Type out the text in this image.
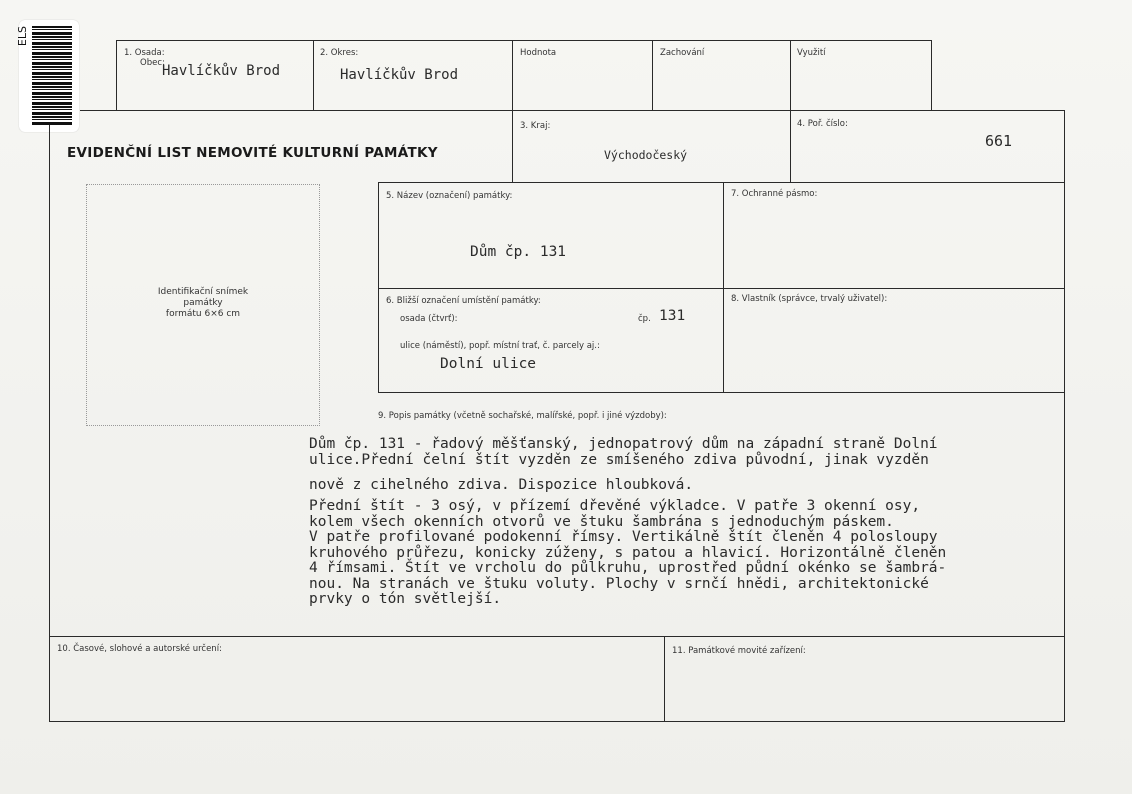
ELS
1. Osada:
Obec:
Havlíčkův Brod
2. Okres:
Havlíčkův Brod
Hodnota	Zachování	Využití
EVIDENČNÍ LIST NEMOVITÉ KULTURNÍ PAMÁTKY
3. Kraj:
Východočeský
4. Poř. číslo:
661
Identifikační snímek
památky
formátu 6×6 cm
5. Název (označení) památky:
Dům čp. 131
7. Ochranné pásmo:
6. Bližší označení umístění památky:
osada (čtvrť):	čp. 131
ulice (náměstí), popř. místní trať, č. parcely aj.:
Dolní ulice
8. Vlastník (správce, trvalý uživatel):
9. Popis památky (včetně sochařské, malířské, popř. i jiné výzdoby):
Dům čp. 131 - řadový měšťanský, jednopatrový dům na západní straně Dolní
ulice.Přední čelní štít vyzděn ze smíšeného zdiva původní, jinak vyzděn
nově z cihelného zdiva. Dispozice hloubková.
Přední štít - 3 osý, v přízemí dřevěné výkladce. V patře 3 okenní osy,
kolem všech okenních otvorů ve štuku šambrána s jednoduchým páskem.
V patře profilované podokenní římsy. Vertikálně štít členěn 4 polosloupy
kruhového průřezu, konicky zúženy, s patou a hlavicí. Horizontálně členěn
4 římsami. Štít ve vrcholu do půlkruhu, uprostřed půdní okénko se šambrá-
nou. Na stranách ve štuku voluty. Plochy v srnčí hnědi, architektonické
prvky o tón světlejší.
10. Časové, slohové a autorské určení:	11. Památkové movité zařízení:
